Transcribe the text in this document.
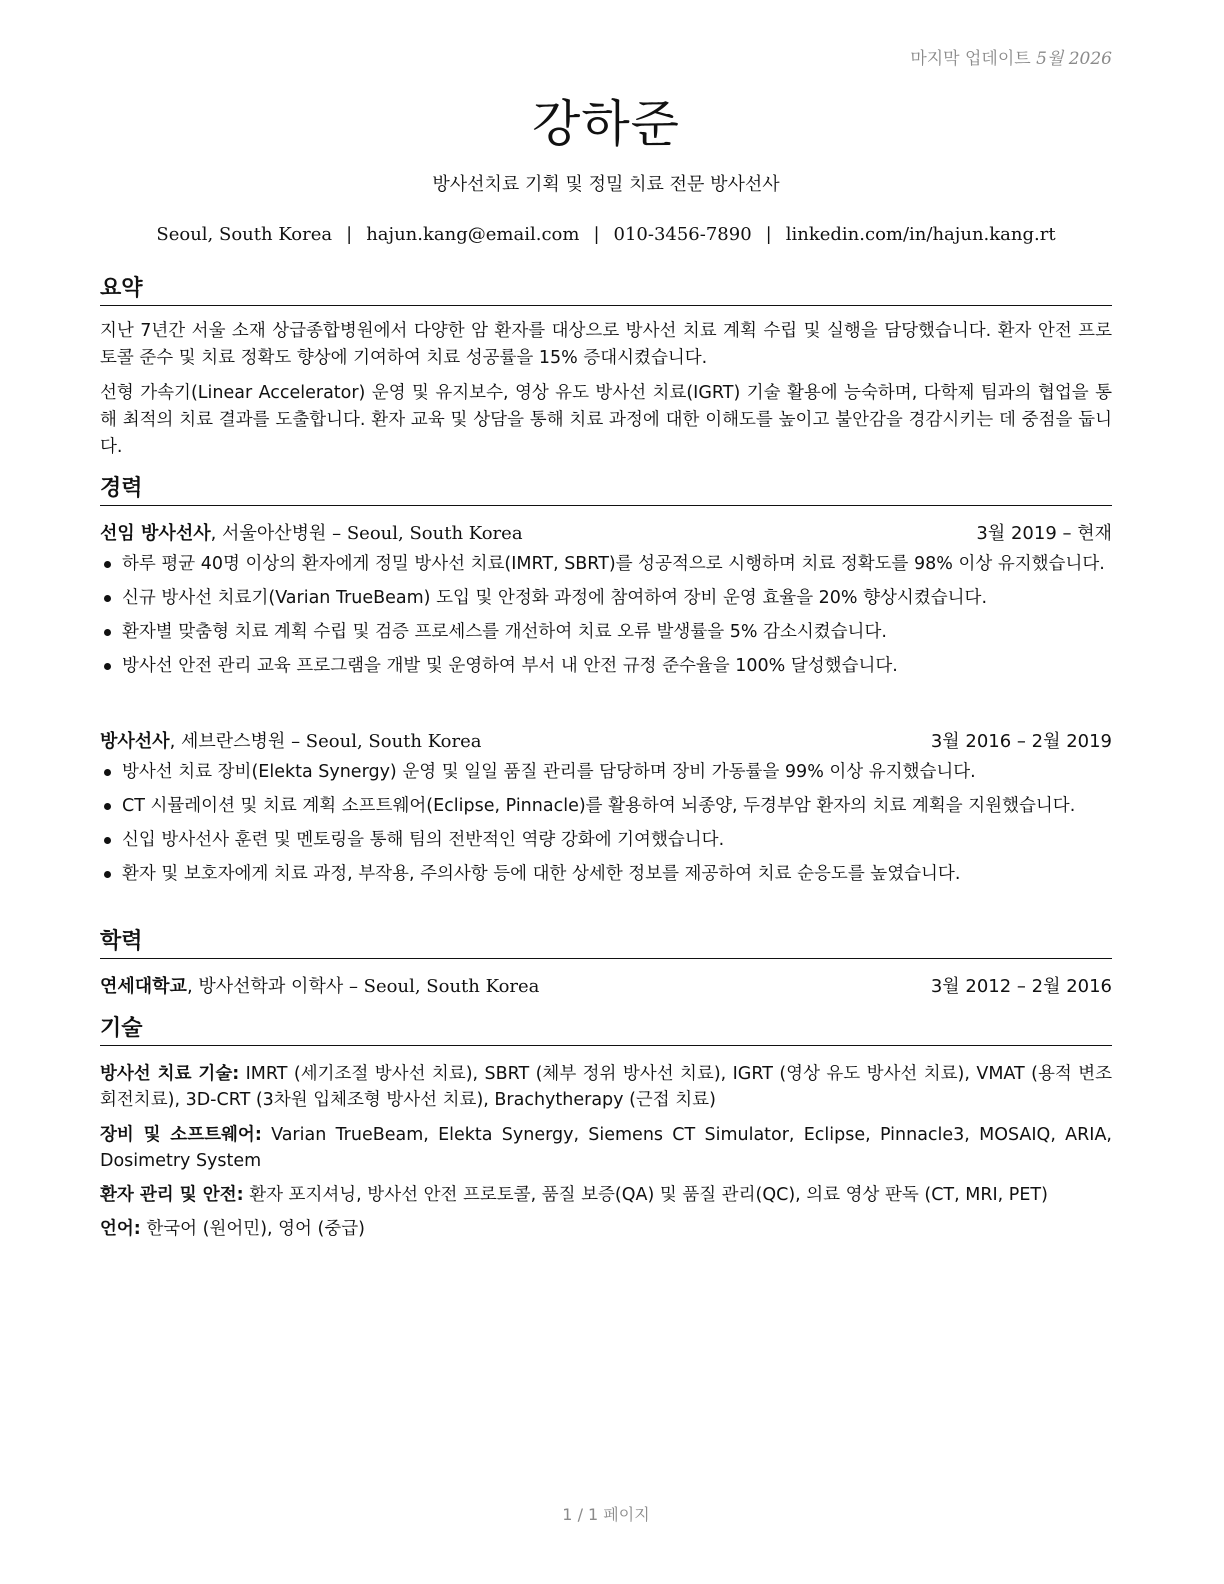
마지막 업데이트 5월 2026
강하준
방사선치료 기획 및 정밀 치료 전문 방사선사
Seoul, South Korea | hajun.kang@email.com | 010-3456-7890 | linkedin.com/in/hajun.kang.rt
요약
지난 7년간 서울 소재 상급종합병원에서 다양한 암 환자를 대상으로 방사선 치료 계획 수립 및 실행을 담당했습니다. 환자 안전 프로토콜 준수 및 치료 정확도 향상에 기여하여 치료 성공률을 15% 증대시켰습니다.
선형 가속기(Linear Accelerator) 운영 및 유지보수, 영상 유도 방사선 치료(IGRT) 기술 활용에 능숙하며, 다학제 팀과의 협업을 통해 최적의 치료 결과를 도출합니다. 환자 교육 및 상담을 통해 치료 과정에 대한 이해도를 높이고 불안감을 경감시키는 데 중점을 둡니다.
경력
선임 방사선사, 서울아산병원 – Seoul, South Korea	3월 2019 – 현재
하루 평균 40명 이상의 환자에게 정밀 방사선 치료(IMRT, SBRT)를 성공적으로 시행하며 치료 정확도를 98% 이상 유지했습니다.
신규 방사선 치료기(Varian TrueBeam) 도입 및 안정화 과정에 참여하여 장비 운영 효율을 20% 향상시켰습니다.
환자별 맞춤형 치료 계획 수립 및 검증 프로세스를 개선하여 치료 오류 발생률을 5% 감소시켰습니다.
방사선 안전 관리 교육 프로그램을 개발 및 운영하여 부서 내 안전 규정 준수율을 100% 달성했습니다.
방사선사, 세브란스병원 – Seoul, South Korea	3월 2016 – 2월 2019
방사선 치료 장비(Elekta Synergy) 운영 및 일일 품질 관리를 담당하며 장비 가동률을 99% 이상 유지했습니다.
CT 시뮬레이션 및 치료 계획 소프트웨어(Eclipse, Pinnacle)를 활용하여 뇌종양, 두경부암 환자의 치료 계획을 지원했습니다.
신입 방사선사 훈련 및 멘토링을 통해 팀의 전반적인 역량 강화에 기여했습니다.
환자 및 보호자에게 치료 과정, 부작용, 주의사항 등에 대한 상세한 정보를 제공하여 치료 순응도를 높였습니다.
학력
연세대학교, 방사선학과 이학사 – Seoul, South Korea	3월 2012 – 2월 2016
기술
방사선 치료 기술: IMRT (세기조절 방사선 치료), SBRT (체부 정위 방사선 치료), IGRT (영상 유도 방사선 치료), VMAT (용적 변조 회전치료), 3D-CRT (3차원 입체조형 방사선 치료), Brachytherapy (근접 치료)
장비 및 소프트웨어: Varian TrueBeam, Elekta Synergy, Siemens CT Simulator, Eclipse, Pinnacle3, MOSAIQ, ARIA, Dosimetry System
환자 관리 및 안전: 환자 포지셔닝, 방사선 안전 프로토콜, 품질 보증(QA) 및 품질 관리(QC), 의료 영상 판독 (CT, MRI, PET)
언어: 한국어 (원어민), 영어 (중급)
1 / 1 페이지
